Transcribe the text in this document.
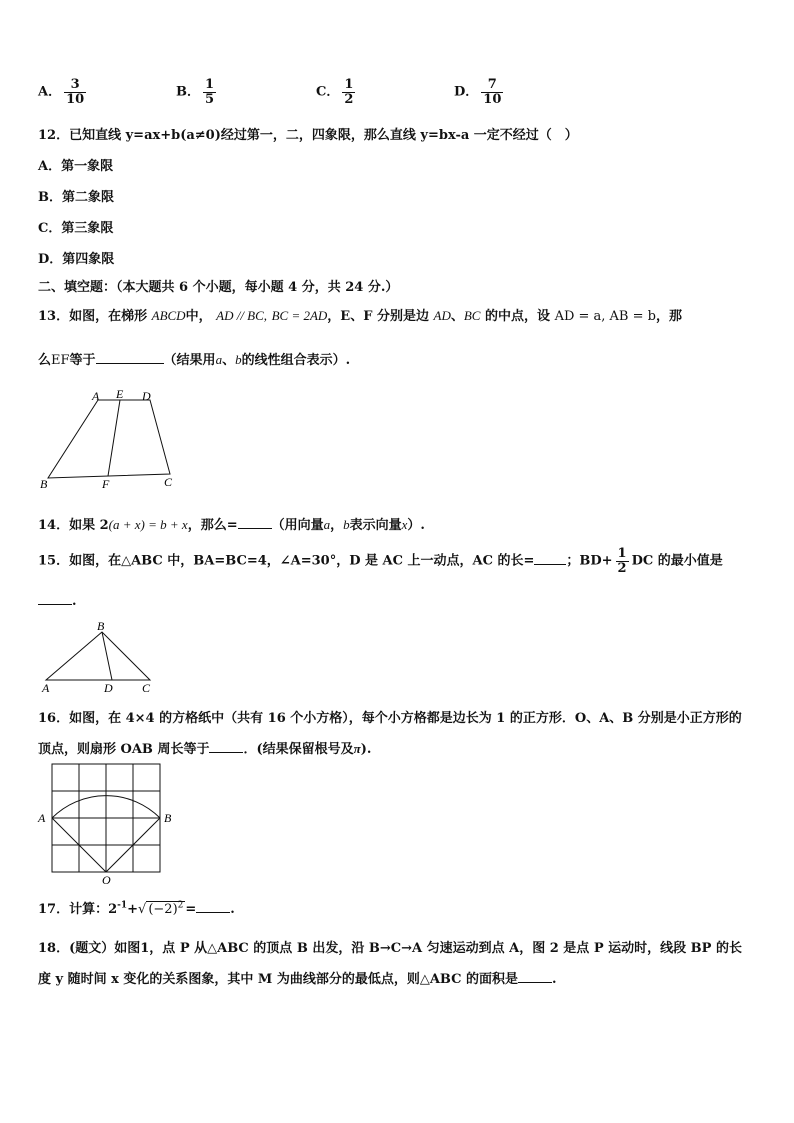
A． $\frac{3}{10}$	B． $\frac{1}{5}$	C． $\frac{1}{2}$	D． $\frac{7}{10}$
12．已知直线 y=ax+b(a≠0)经过第一，二，四象限，那么直线 y=bx-a 一定不经过（　）
A．第一象限
B．第二象限
C．第三象限
D．第四象限
二、填空题：（本大题共 6 个小题，每小题 4 分，共 24 分.）
13．如图，在梯形 ABCD中， AD // BC, BC = 2AD，E、F 分别是边 AD、BC 的中点，设 AD = a, AB = b，那
么EF等于	（结果用a、b的线性组合表示）.
A E D
B	F	C
14．如果 2(a + x) = b + x，那么=	（用向量a，b表示向量x）.
15．如图，在△ABC 中，BA=BC=4，∠A=30°，D 是 AC 上一动点，AC 的长= ；$BD+ \frac{1}{2}$ DC 的最小值是
.
B
A	D C
16．如图，在 4×4 的方格纸中（共有 16 个小方格），每个小方格都是边长为 1 的正方形．O、A、B 分别是小正方形的
顶点，则扇形 OAB 周长等于	．(结果保留根号及π).
A	B
O
17．计算：$2^{-1}+√$ $(-2)^2$ =	.
18．(题文）如图1，点 P 从△ABC 的顶点 B 出发，沿 B→C→A 匀速运动到点 A，图 2 是点 P 运动时，线段 BP 的长
度 y 随时间 x 变化的关系图象，其中 M 为曲线部分的最低点，则△ABC 的面积是	.
